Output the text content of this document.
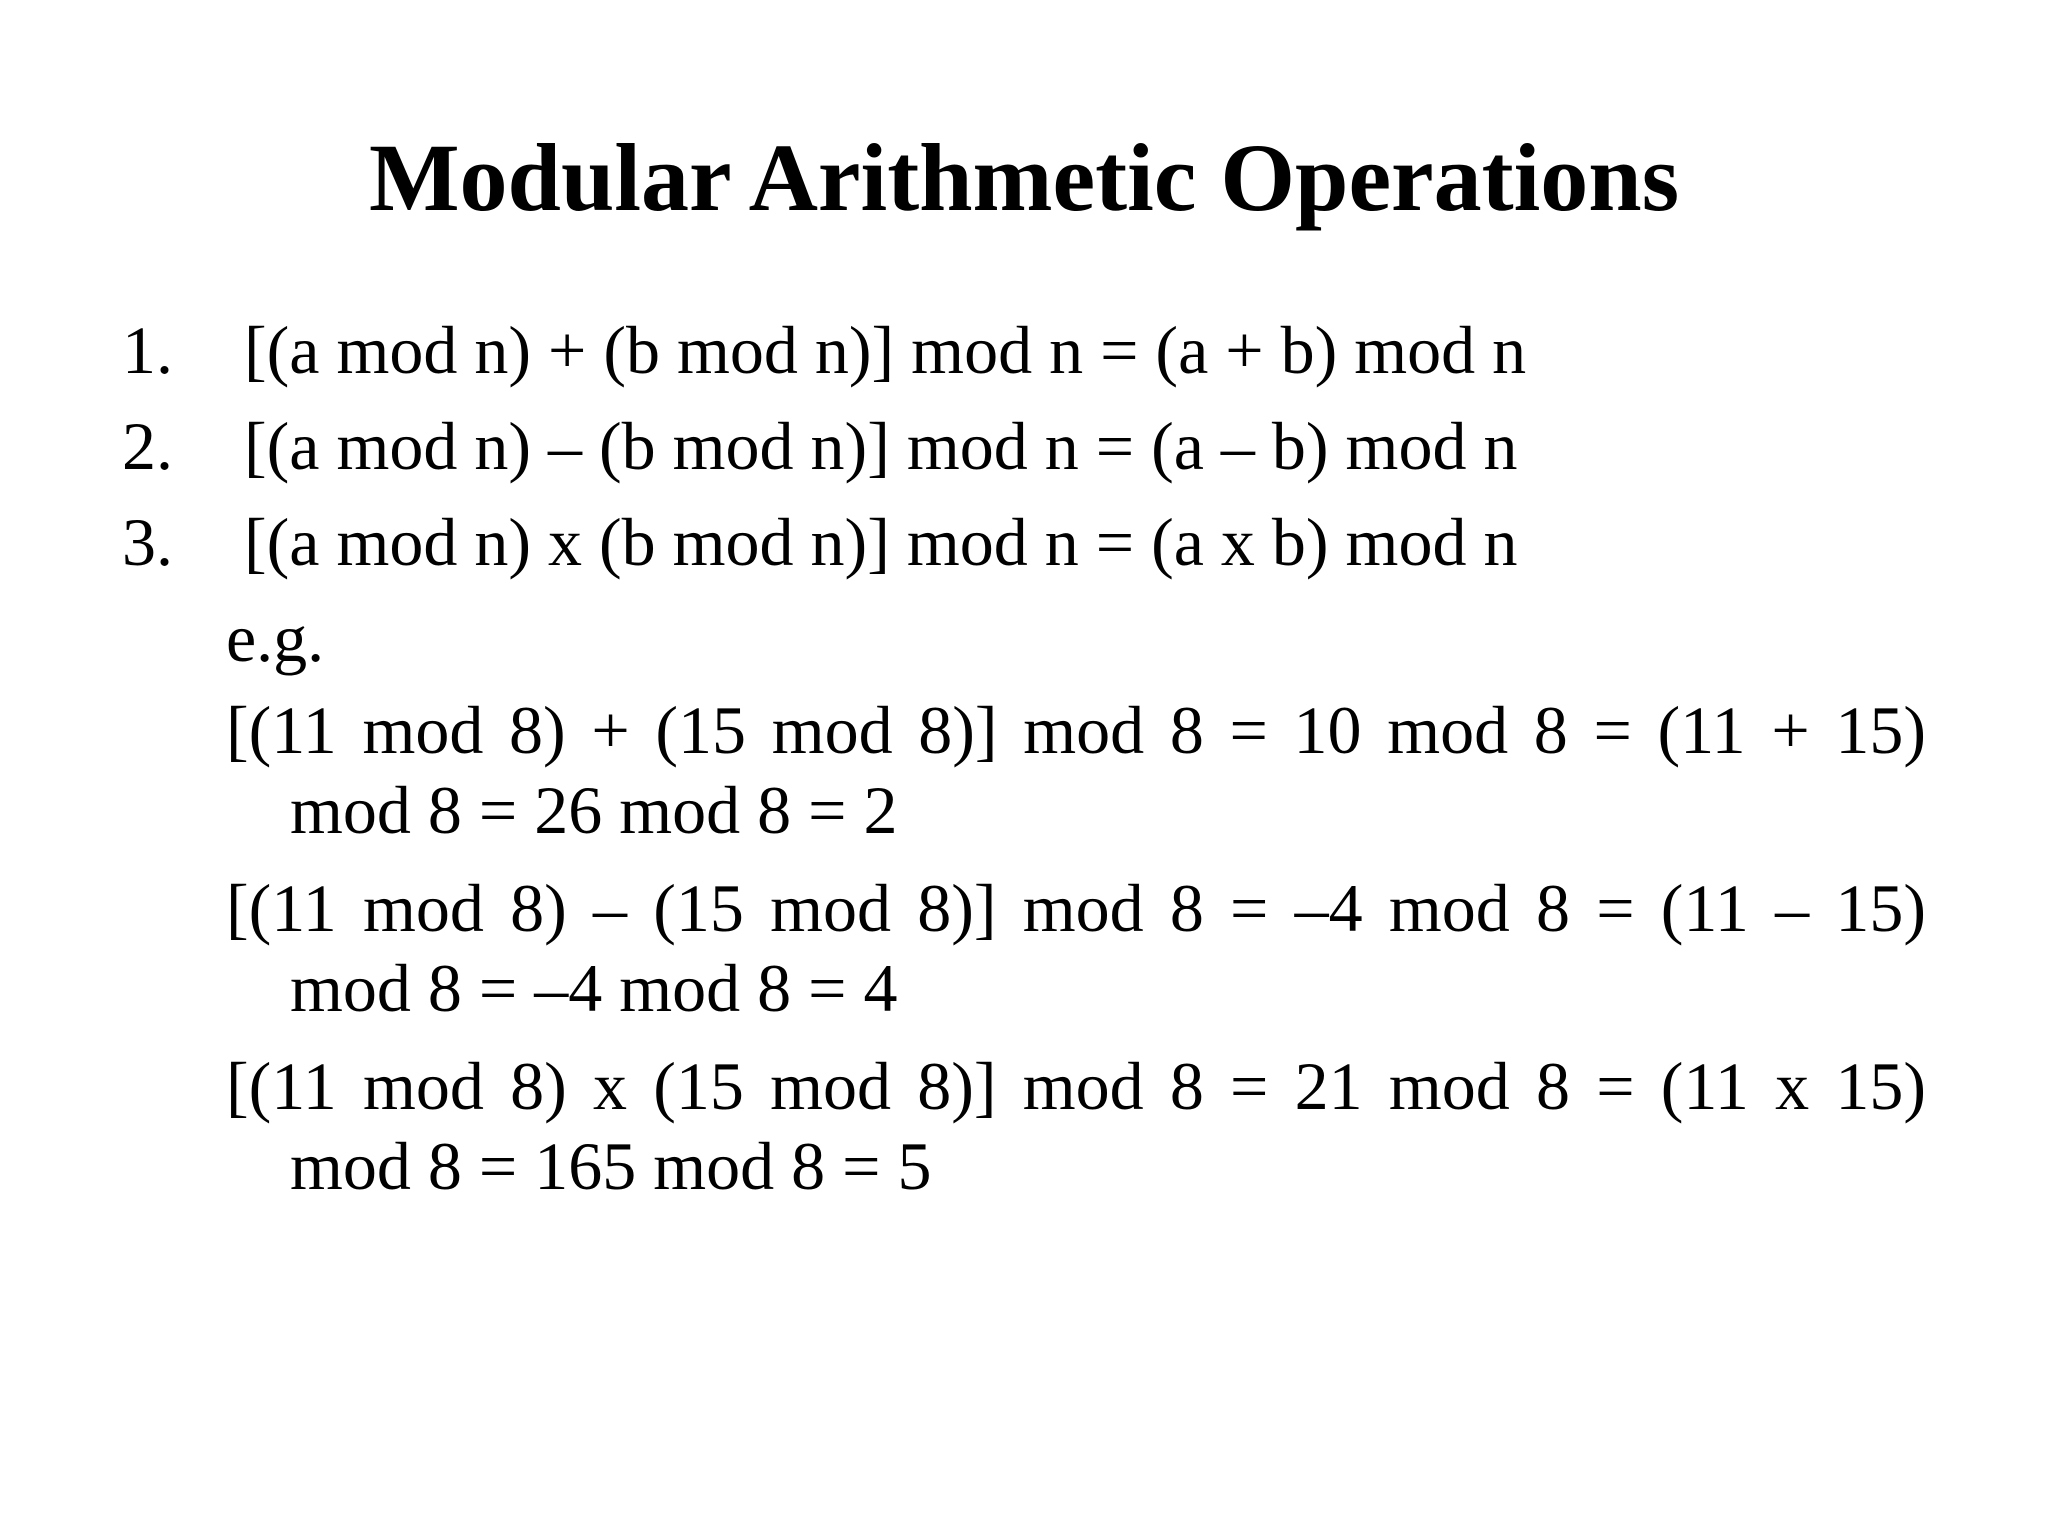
Modular Arithmetic Operations
1. [(a mod n) + (b mod n)] mod n = (a + b) mod n
2. [(a mod n) – (b mod n)] mod n = (a – b) mod n
3. [(a mod n) x (b mod n)] mod n = (a x b) mod n
e.g.
[(11 mod 8) + (15 mod 8)] mod 8 = 10 mod 8 = (11 + 15)
mod 8 = 26 mod 8 = 2
[(11 mod 8) – (15 mod 8)] mod 8 = –4 mod 8 = (11 – 15)
mod 8 = –4 mod 8 = 4
[(11 mod 8) x (15 mod 8)] mod 8 = 21 mod 8 = (11 x 15)
mod 8 = 165 mod 8 = 5
